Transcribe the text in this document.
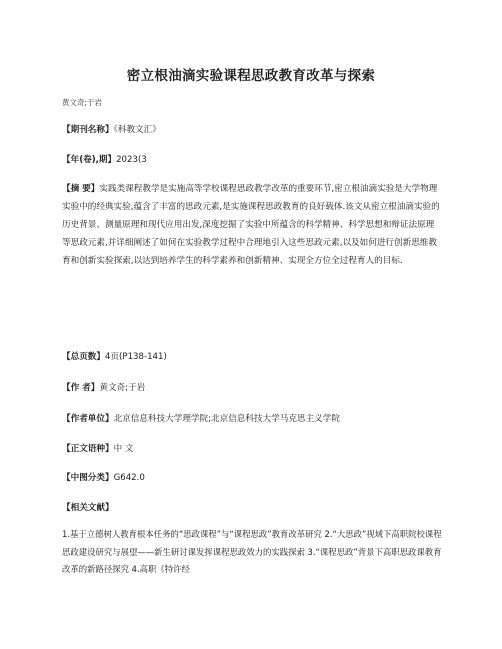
密立根油滴实验课程思政教育改革与探索
黄文奇;于岩
【期刊名称】《科教文汇》
【年(卷),期】2023(3
【摘 要】实践类课程教学是实施高等学校课程思政教学改革的重要环节,密立根油滴实验是大学物理实验中的经典实验,蕴含了丰富的思政元素,是实施课程思政教育的良好载体.该文从密立根油滴实验的历史背景、测量原理和现代应用出发,深度挖掘了实验中所蕴含的科学精神、科学思想和辩证法原理等思政元素,并详细阐述了如何在实验教学过程中合理地引入这些思政元素,以及如何进行创新思维教育和创新实验探索,以达到培养学生的科学素养和创新精神、实现全方位全过程育人的目标.
【总页数】4页(P138-141)
【作 者】黄文奇;于岩
【作者单位】北京信息科技大学理学院;北京信息科技大学马克思主义学院
【正文语种】中 文
【中图分类】G642.0
【相关文献】
1.基于立德树人教育根本任务的“思政课程”与“课程思政”教育改革研究 2.“大思政”视域下高职院校课程思政建设研究与展望——新生研讨课发挥课程思政效力的实践探索 3.“课程思政”背景下高职思政课教育改革的新路径探究 4.高职《特许经
